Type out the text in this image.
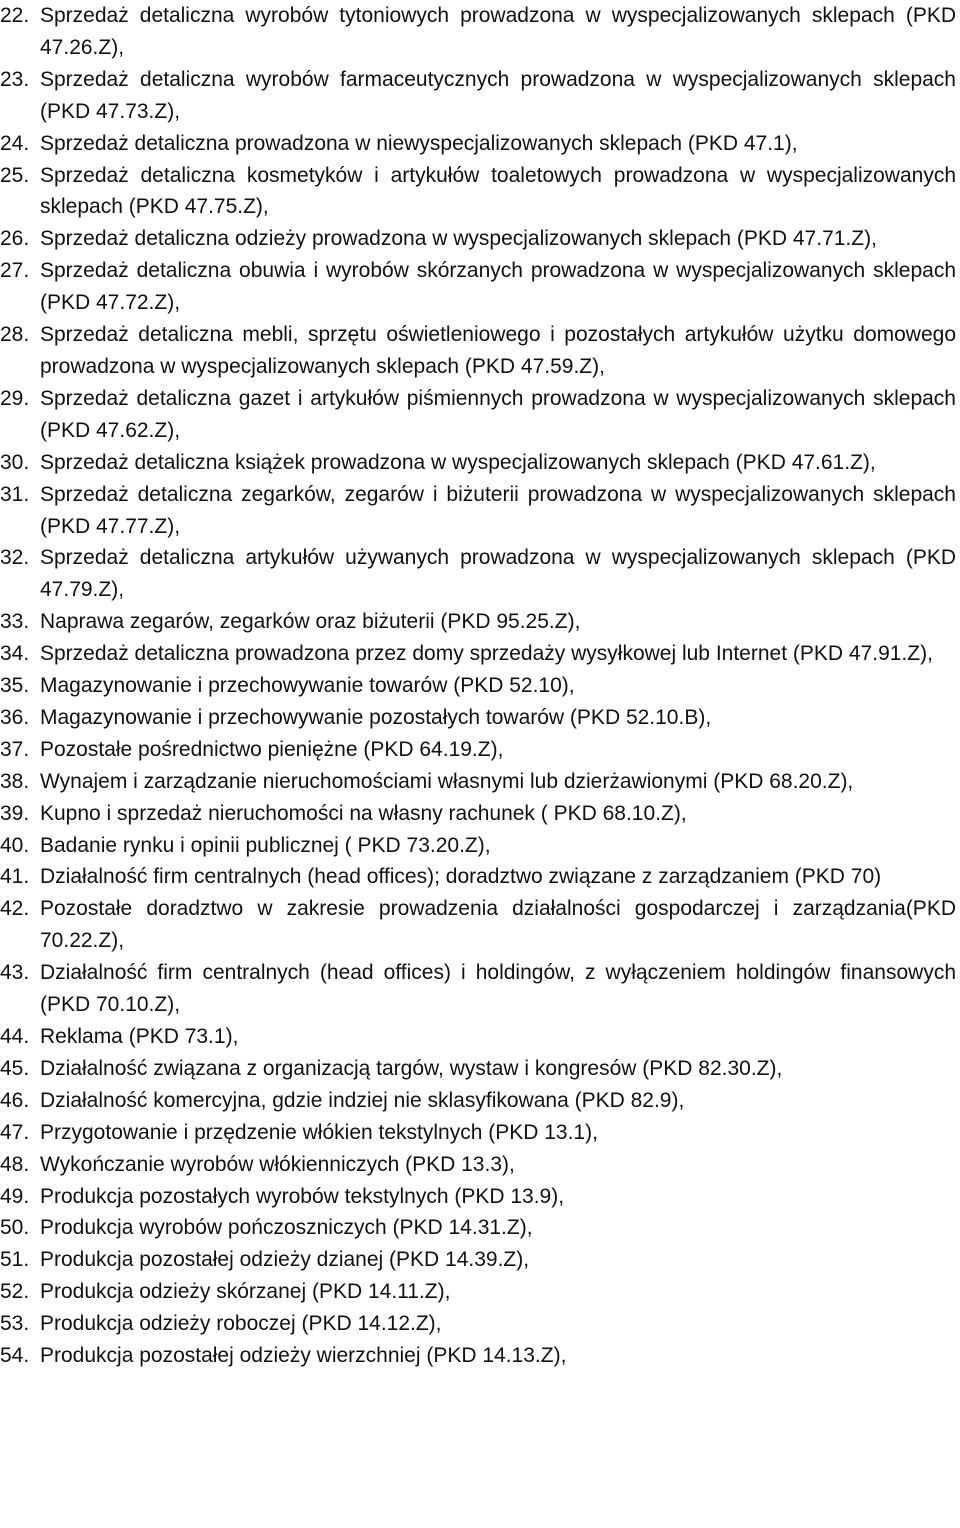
22. Sprzedaż detaliczna wyrobów tytoniowych prowadzona w wyspecjalizowanych sklepach (PKD 47.26.Z),
23. Sprzedaż detaliczna wyrobów farmaceutycznych prowadzona w wyspecjalizowanych sklepach (PKD 47.73.Z),
24. Sprzedaż detaliczna prowadzona w niewyspecjalizowanych sklepach (PKD 47.1),
25. Sprzedaż detaliczna kosmetyków i artykułów toaletowych prowadzona w wyspecjalizowanych sklepach (PKD 47.75.Z),
26. Sprzedaż detaliczna odzieży prowadzona w wyspecjalizowanych sklepach (PKD 47.71.Z),
27. Sprzedaż detaliczna obuwia i wyrobów skórzanych prowadzona w wyspecjalizowanych sklepach (PKD 47.72.Z),
28. Sprzedaż detaliczna mebli, sprzętu oświetleniowego i pozostałych artykułów użytku domowego prowadzona w wyspecjalizowanych sklepach (PKD 47.59.Z),
29. Sprzedaż detaliczna gazet i artykułów piśmiennych prowadzona w wyspecjalizowanych sklepach (PKD 47.62.Z),
30. Sprzedaż detaliczna książek prowadzona w wyspecjalizowanych sklepach (PKD 47.61.Z),
31. Sprzedaż detaliczna zegarków, zegarów i biżuterii prowadzona w wyspecjalizowanych sklepach (PKD 47.77.Z),
32. Sprzedaż detaliczna artykułów używanych prowadzona w wyspecjalizowanych sklepach (PKD 47.79.Z),
33. Naprawa zegarów, zegarków oraz biżuterii (PKD 95.25.Z),
34. Sprzedaż detaliczna prowadzona przez domy sprzedaży wysyłkowej lub Internet (PKD 47.91.Z),
35. Magazynowanie i przechowywanie towarów (PKD 52.10),
36. Magazynowanie i przechowywanie pozostałych towarów (PKD 52.10.B),
37. Pozostałe pośrednictwo pieniężne (PKD 64.19.Z),
38. Wynajem i zarządzanie nieruchomościami własnymi lub dzierżawionymi (PKD 68.20.Z),
39. Kupno i sprzedaż nieruchomości na własny rachunek ( PKD 68.10.Z),
40. Badanie rynku i opinii publicznej ( PKD 73.20.Z),
41. Działalność firm centralnych (head offices); doradztwo związane z zarządzaniem (PKD 70)
42. Pozostałe doradztwo w zakresie prowadzenia działalności gospodarczej i zarządzania(PKD 70.22.Z),
43. Działalność firm centralnych (head offices) i holdingów, z wyłączeniem holdingów finansowych (PKD 70.10.Z),
44. Reklama (PKD 73.1),
45. Działalność związana z organizacją targów, wystaw i kongresów (PKD 82.30.Z),
46. Działalność komercyjna, gdzie indziej nie sklasyfikowana (PKD 82.9),
47. Przygotowanie i przędzenie włókien tekstylnych (PKD 13.1),
48. Wykończanie wyrobów włókienniczych (PKD 13.3),
49. Produkcja pozostałych wyrobów tekstylnych (PKD 13.9),
50. Produkcja wyrobów pończoszniczych (PKD 14.31.Z),
51. Produkcja pozostałej odzieży dzianej (PKD 14.39.Z),
52. Produkcja odzieży skórzanej (PKD 14.11.Z),
53. Produkcja odzieży roboczej (PKD 14.12.Z),
54. Produkcja pozostałej odzieży wierzchniej (PKD 14.13.Z),
